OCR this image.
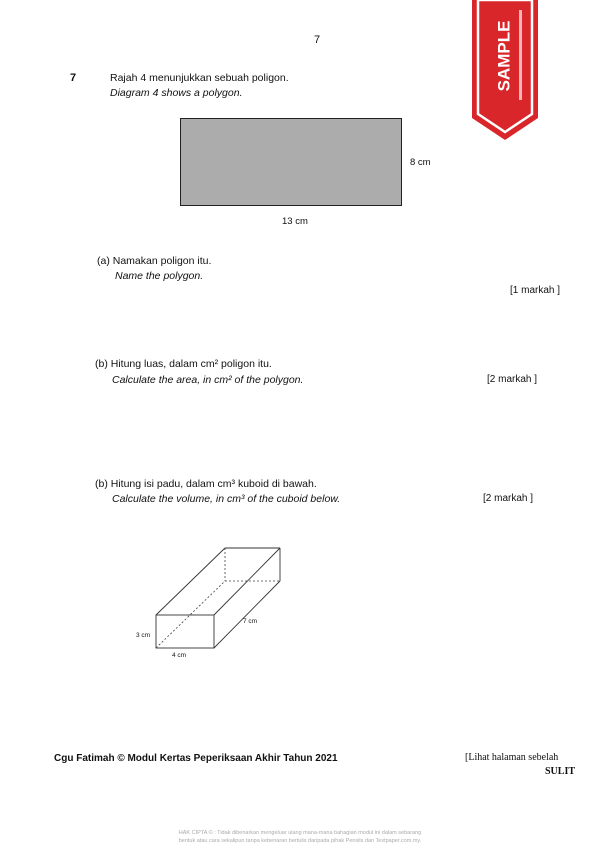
7	SAMPLE
7	Rajah 4 menunjukkan sebuah poligon.
Diagram 4 shows a polygon.
8 cm
13 cm
(a) Namakan poligon itu.
Name the polygon.
[1 markah ]
(b) Hitung luas, dalam cm² poligon itu.
Calculate the area, in cm² of the polygon.	[2 markah ]
(b) Hitung isi padu, dalam cm³ kuboid di bawah.
Calculate the volume, in cm³ of the cuboid below.	[2 markah ]
3 cm
4 cm
7 cm
Cgu Fatimah © Modul Kertas Peperiksaan Akhir Tahun 2021	[Lihat halaman sebelah
SULIT
HAK CIPTA © : Tidak dibenarkan mengeluar ulang mana-mana bahagian modul ini dalam sebarang
bentuk atau cara sekalipun tanpa kebenaran bertulis daripada pihak Pensils dan Textpaper.com.my.
